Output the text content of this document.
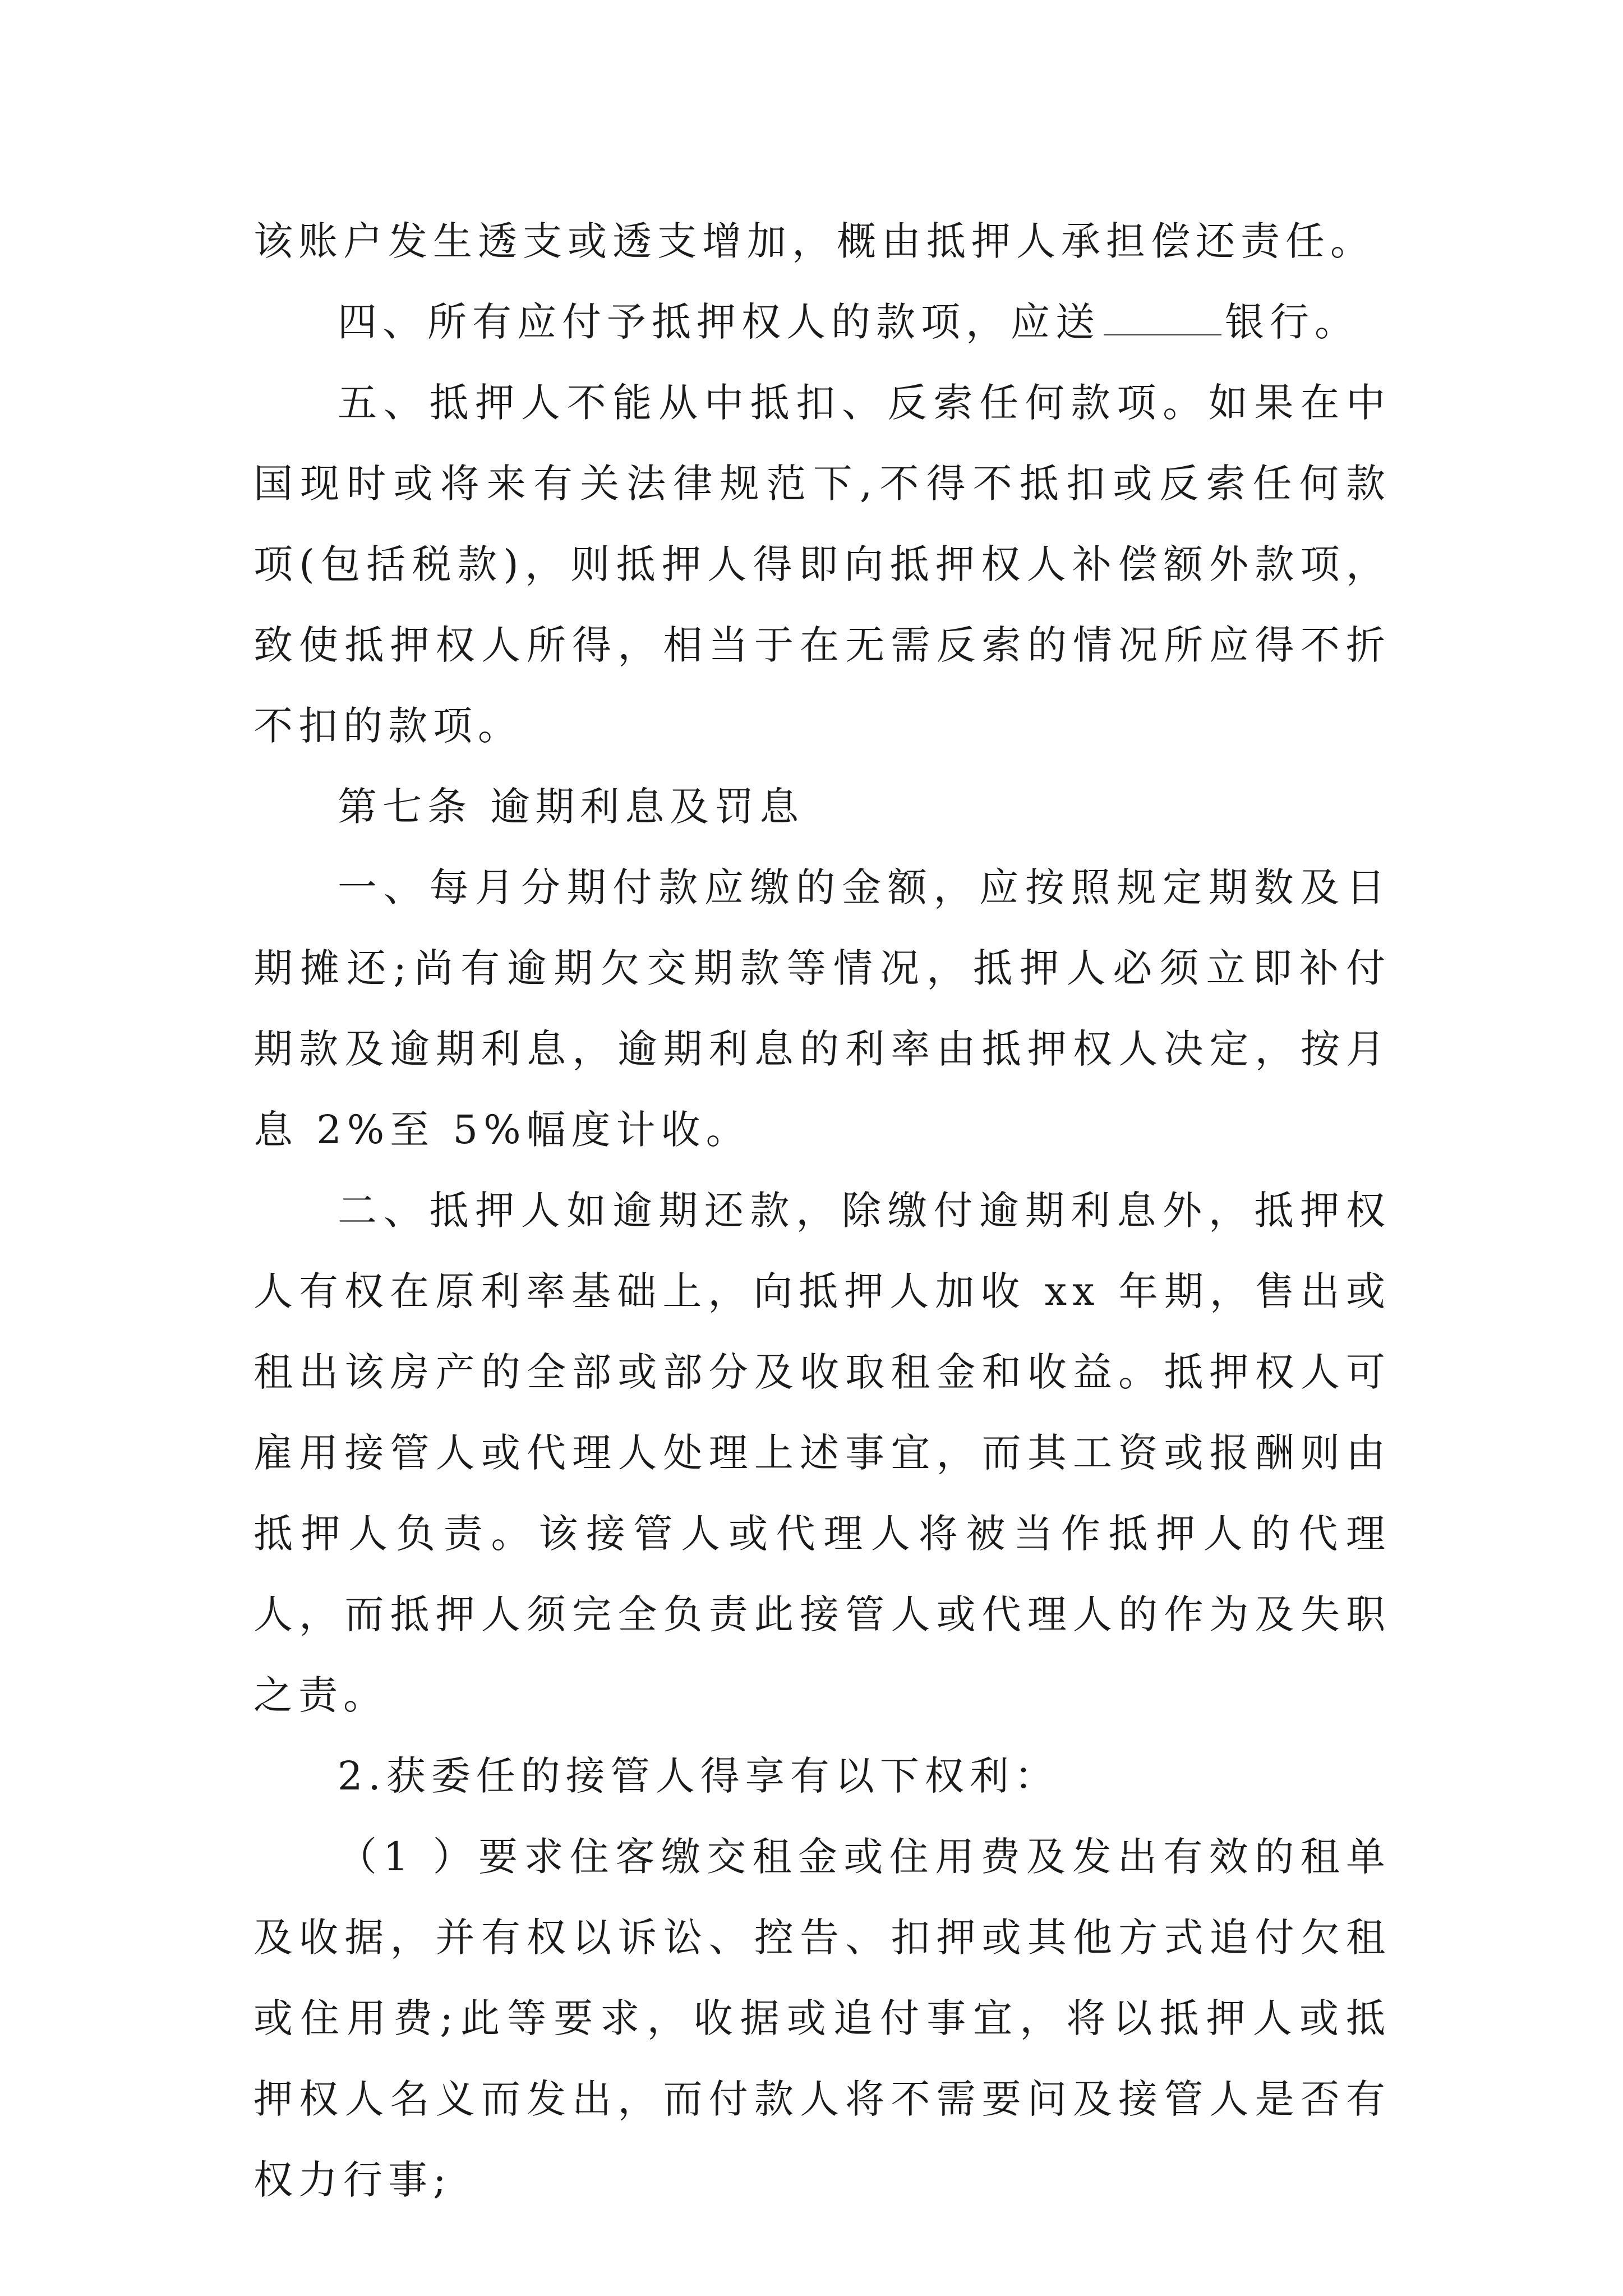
该账户发生透支或透支增加，概由抵押人承担偿还责任。

四、所有应付予抵押权人的款项，应送	银行。

五、抵押人不能从中抵扣、反索任何款项。如果在中国现时或将来有关法律规范下,不得不抵扣或反索任何款项(包括税款)，则抵押人得即向抵押权人补偿额外款项，致使抵押权人所得，相当于在无需反索的情况所应得不折不扣的款项。

第七条 逾期利息及罚息

一、每月分期付款应缴的金额，应按照规定期数及日期摊还;尚有逾期欠交期款等情况，抵押人必须立即补付期款及逾期利息，逾期利息的利率由抵押权人决定，按月息 2%至 5%幅度计收。

二、抵押人如逾期还款，除缴付逾期利息外，抵押权人有权在原利率基础上，向抵押人加收 xx 年期，售出或租出该房产的全部或部分及收取租金和收益。抵押权人可雇用接管人或代理人处理上述事宜，而其工资或报酬则由抵押人负责。该接管人或代理人将被当作抵押人的代理人，而抵押人须完全负责此接管人或代理人的作为及失职之责。

2.获委任的接管人得享有以下权利：

（1 ）要求住客缴交租金或住用费及发出有效的租单及收据，并有权以诉讼、控告、扣押或其他方式追付欠租或住用费;此等要求，收据或追付事宜，将以抵押人或抵押权人名义而发出，而付款人将不需要问及接管人是否有权力行事;
